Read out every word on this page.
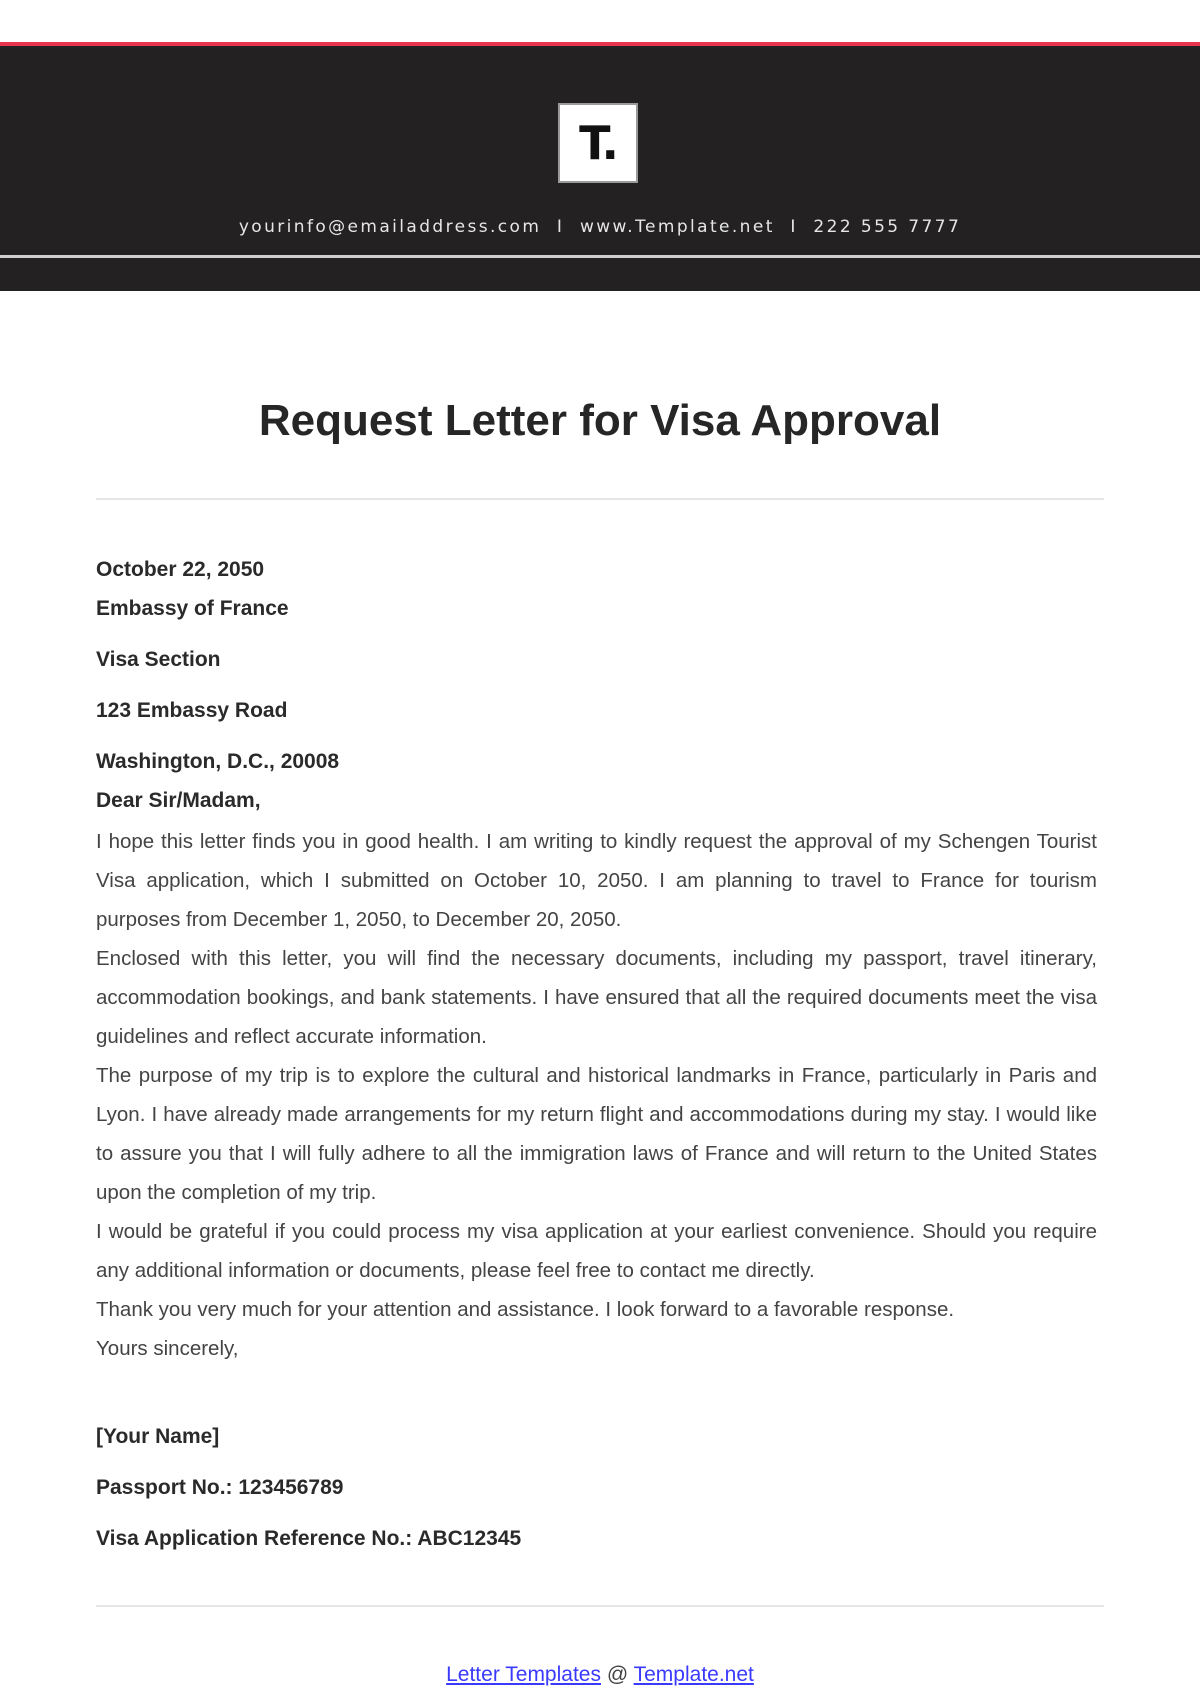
T.
yourinfo@emailaddress.com  I  www.Template.net  I  222 555 7777
Request Letter for Visa Approval
October 22, 2050
Embassy of France
Visa Section
123 Embassy Road
Washington, D.C., 20008
Dear Sir/Madam,

I hope this letter finds you in good health. I am writing to kindly request the approval of my Schengen Tourist Visa application, which I submitted on October 10, 2050. I am planning to travel to France for tourism purposes from December 1, 2050, to December 20, 2050.

Enclosed with this letter, you will find the necessary documents, including my passport, travel itinerary, accommodation bookings, and bank statements. I have ensured that all the required documents meet the visa guidelines and reflect accurate information.

The purpose of my trip is to explore the cultural and historical landmarks in France, particularly in Paris and Lyon. I have already made arrangements for my return flight and accommodations during my stay. I would like to assure you that I will fully adhere to all the immigration laws of France and will return to the United States upon the completion of my trip.

I would be grateful if you could process my visa application at your earliest convenience. Should you require any additional information or documents, please feel free to contact me directly.

Thank you very much for your attention and assistance. I look forward to a favorable response.

Yours sincerely,

[Your Name]
Passport No.: 123456789
Visa Application Reference No.: ABC12345
Letter Templates @ Template.net
